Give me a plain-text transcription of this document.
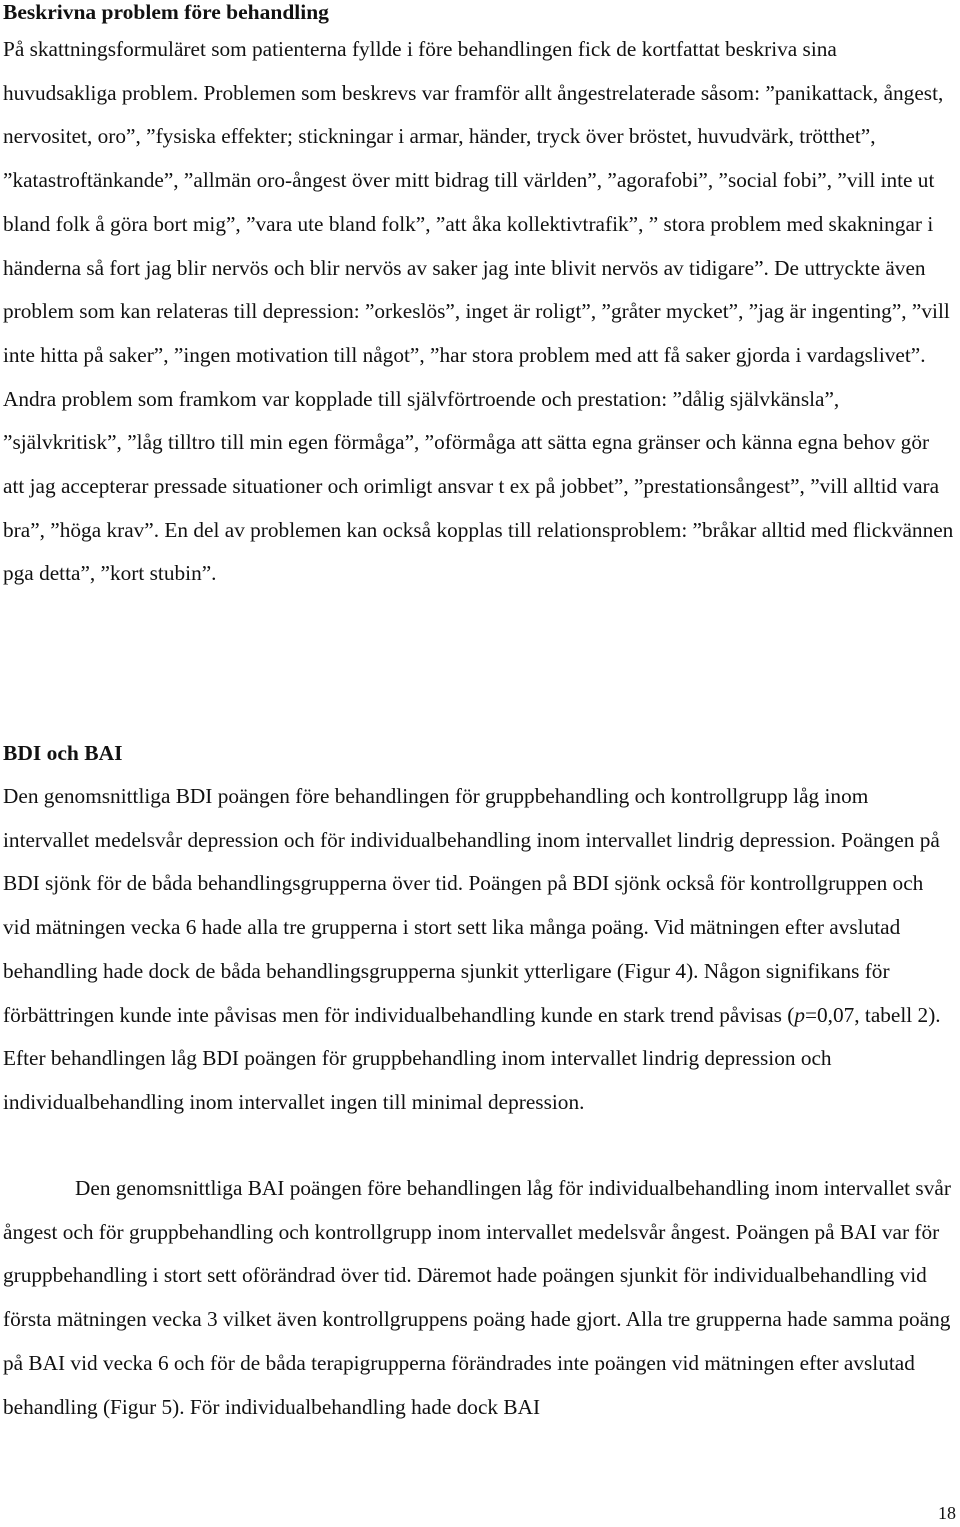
Beskrivna problem före behandling

På skattningsformuläret som patienterna fyllde i före behandlingen fick de kortfattat beskriva sina huvudsakliga problem. Problemen som beskrevs var framför allt ångestrelaterade såsom: ”panikattack, ångest, nervositet, oro”, ”fysiska effekter; stickningar i armar, händer, tryck över bröstet, huvudvärk, trötthet”, ”katastroftänkande”, ”allmän oro-ångest över mitt bidrag till världen”, ”agorafobi”, ”social fobi”, ”vill inte ut bland folk å göra bort mig”, ”vara ute bland folk”, ”att åka kollektivtrafik”, ” stora problem med skakningar i händerna så fort jag blir nervös och blir nervös av saker jag inte blivit nervös av tidigare”. De uttryckte även problem som kan relateras till depression: ”orkeslös”, inget är roligt”, ”gråter mycket”, ”jag är ingenting”, ”vill inte hitta på saker”, ”ingen motivation till något”, ”har stora problem med att få saker gjorda i vardagslivet”. Andra problem som framkom var kopplade till självförtroende och prestation: ”dålig självkänsla”, ”självkritisk”, ”låg tilltro till min egen förmåga”, ”oförmåga att sätta egna gränser och känna egna behov gör att jag accepterar pressade situationer och orimligt ansvar t ex på jobbet”, ”prestationsångest”, ”vill alltid vara bra”, ”höga krav”. En del av problemen kan också kopplas till relationsproblem: ”bråkar alltid med flickvännen pga detta”, ”kort stubin”.

BDI och BAI

Den genomsnittliga BDI poängen före behandlingen för gruppbehandling och kontrollgrupp låg inom intervallet medelsvår depression och för individualbehandling inom intervallet lindrig depression. Poängen på BDI sjönk för de båda behandlingsgrupperna över tid. Poängen på BDI sjönk också för kontrollgruppen och vid mätningen vecka 6 hade alla tre grupperna i stort sett lika många poäng. Vid mätningen efter avslutad behandling hade dock de båda behandlingsgrupperna sjunkit ytterligare (Figur 4). Någon signifikans för förbättringen kunde inte påvisas men för individualbehandling kunde en stark trend påvisas (p=0,07, tabell 2). Efter behandlingen låg BDI poängen för gruppbehandling inom intervallet lindrig depression och individualbehandling inom intervallet ingen till minimal depression.

Den genomsnittliga BAI poängen före behandlingen låg för individualbehandling inom intervallet svår ångest och för gruppbehandling och kontrollgrupp inom intervallet medelsvår ångest. Poängen på BAI var för gruppbehandling i stort sett oförändrad över tid. Däremot hade poängen sjunkit för individualbehandling vid första mätningen vecka 3 vilket även kontrollgruppens poäng hade gjort. Alla tre grupperna hade samma poäng på BAI vid vecka 6 och för de båda terapigrupperna förändrades inte poängen vid mätningen efter avslutad behandling (Figur 5). För individualbehandling hade dock BAI

18
